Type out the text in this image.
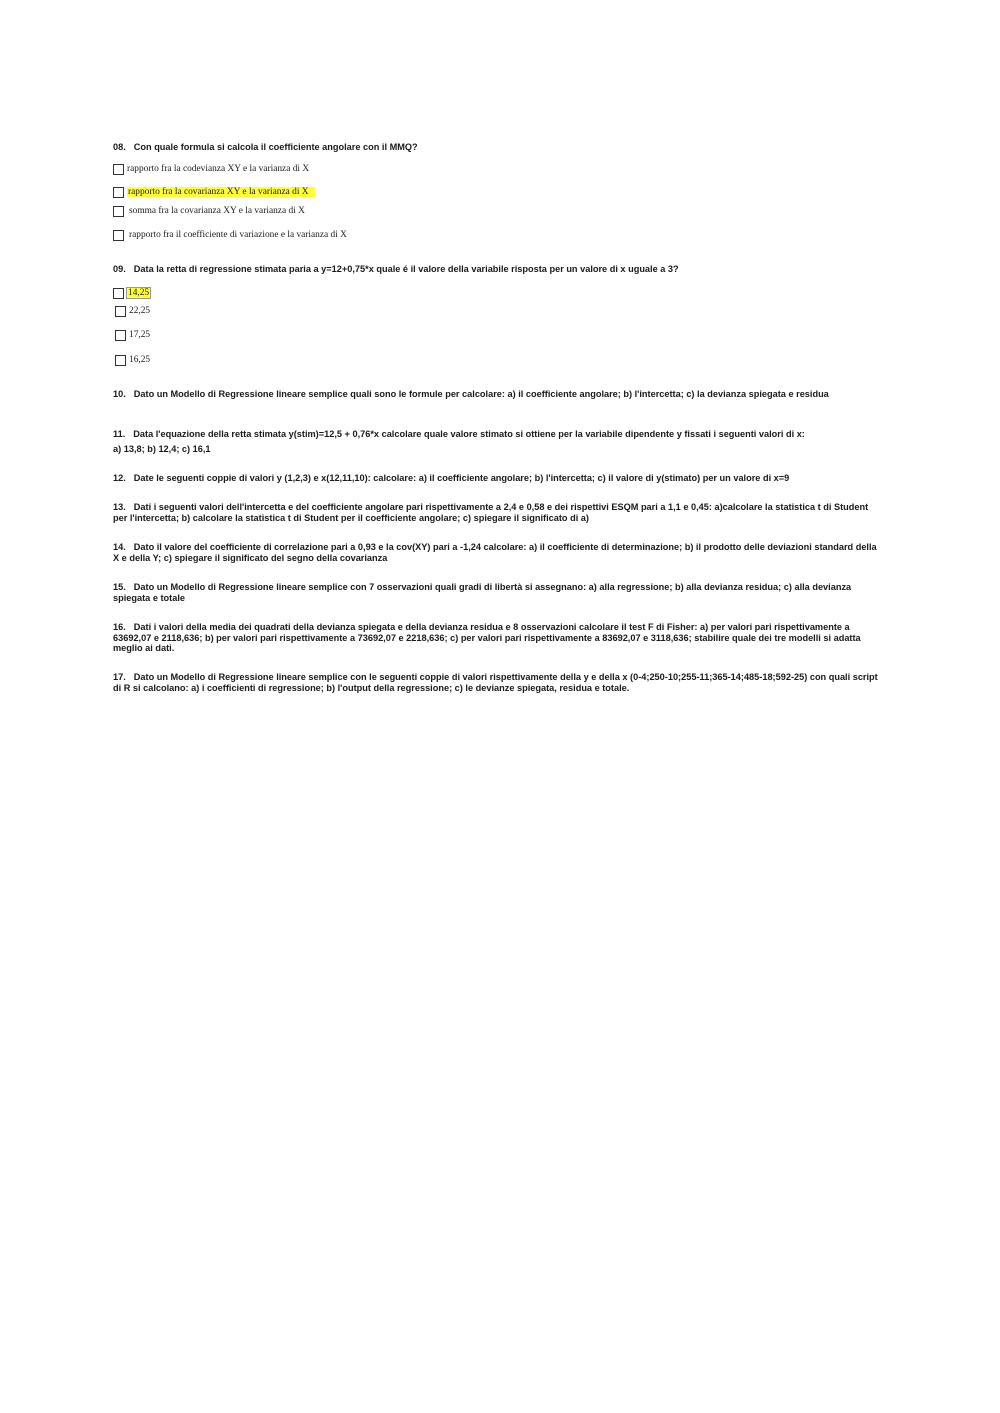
08. Con quale formula si calcola il coefficiente angolare con il MMQ?
rapporto fra la codevianza XY e la varianza di X
rapporto fra la covarianza XY e la varianza di X
somma fra la covarianza XY e la varianza di X
rapporto fra il coefficiente di variazione e la varianza di X
09. Data la retta di regressione stimata paria a y=12+0,75*x quale é il valore della variabile risposta per un valore di x uguale a 3?
14,25
22,25
17,25
16,25
10. Dato un Modello di Regressione lineare semplice quali sono le formule per calcolare: a) il coefficiente angolare; b) l'intercetta; c) la devianza spiegata e residua
11. Data l'equazione della retta stimata y(stim)=12,5 + 0,76*x calcolare quale valore stimato si ottiene per la variabile dipendente y fissati i seguenti valori di x:
a) 13,8; b) 12,4; c) 16,1
12. Date le seguenti coppie di valori y (1,2,3) e x(12,11,10): calcolare: a) il coefficiente angolare; b) l'intercetta; c) il valore di y(stimato) per un valore di x=9
13. Dati i seguenti valori dell'intercetta e del coefficiente angolare pari rispettivamente a 2,4 e 0,58 e dei rispettivi ESQM pari a 1,1 e 0,45: a)calcolare la statistica t di Student per l'intercetta; b) calcolare la statistica t di Student per il coefficiente angolare; c) spiegare il significato di a)
14. Dato il valore del coefficiente di correlazione pari a 0,93 e la cov(XY) pari a -1,24 calcolare: a) il coefficiente di determinazione; b) il prodotto delle deviazioni standard della X e della Y; c) spiegare il significato del segno della covarianza
15. Dato un Modello di Regressione lineare semplice con 7 osservazioni quali gradi di libertà si assegnano: a) alla regressione; b) alla devianza residua; c) alla devianza spiegata e totale
16. Dati i valori della media dei quadrati della devianza spiegata e della devianza residua e 8 osservazioni calcolare il test F di Fisher: a) per valori pari rispettivamente a 63692,07 e 2118,636; b) per valori pari rispettivamente a 73692,07 e 2218,636; c) per valori pari rispettivamente a 83692,07 e 3118,636; stabilire quale dei tre modelli si adatta meglio ai dati.
17. Dato un Modello di Regressione lineare semplice con le seguenti coppie di valori rispettivamente della y e della x (0-4;250-10;255-11;365-14;485-18;592-25) con quali script di R si calcolano: a) i coefficienti di regressione; b) l'output della regressione; c) le devianze spiegata, residua e totale.
